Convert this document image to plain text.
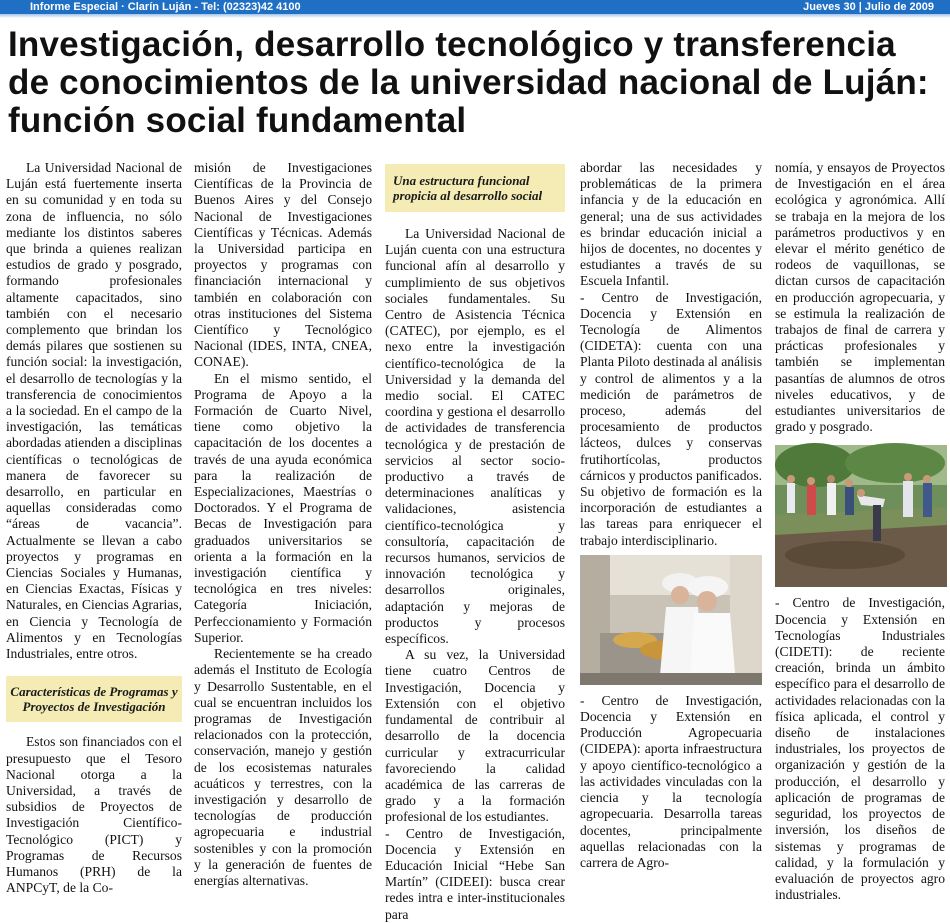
Informe Especial · Clarín Luján - Tel: (02323)42 4100	Jueves 30 | Julio de 2009
Investigación, desarrollo tecnológico y transferencia de conocimientos de la universidad nacional de Luján: función social fundamental

La Universidad Nacional de Luján está fuertemente inserta en su comunidad y en toda su zona de influencia, no sólo mediante los distintos saberes que brinda a quienes realizan estudios de grado y posgrado, formando profesionales altamente capacitados, sino también con el necesario complemento que brindan los demás pilares que sostienen su función social: la investigación, el desarrollo de tecnologías y la transferencia de conocimientos a la sociedad. En el campo de la investigación, las temáticas abordadas atienden a disciplinas científicas o tecnológicas de manera de favorecer su desarrollo, en particular en aquellas consideradas como “áreas de vacancia”. Actualmente se llevan a cabo proyectos y programas en Ciencias Sociales y Humanas, en Ciencias Exactas, Físicas y Naturales, en Ciencias Agrarias, en Ciencia y Tecnología de Alimentos y en Tecnologías Industriales, entre otros.

Características de Programas y Proyectos de Investigación

Estos son financiados con el presupuesto que el Tesoro Nacional otorga a la Universidad, a través de subsidios de Proyectos de Investigación Científico-Tecnológico (PICT) y Programas de Recursos Humanos (PRH) de la ANPCyT, de la Co-

misión de Investigaciones Científicas de la Provincia de Buenos Aires y del Consejo Nacional de Investigaciones Científicas y Técnicas. Además la Universidad participa en proyectos y programas con financiación internacional y también en colaboración con otras instituciones del Sistema Científico y Tecnológico Nacional (IDES, INTA, CNEA, CONAE).

En el mismo sentido, el Programa de Apoyo a la Formación de Cuarto Nivel, tiene como objetivo la capacitación de los docentes a través de una ayuda económica para la realización de Especializaciones, Maestrías o Doctorados. Y el Programa de Becas de Investigación para graduados universitarios se orienta a la formación en la investigación científica y tecnológica en tres niveles: Categoría Iniciación, Perfeccionamiento y Formación Superior.

Recientemente se ha creado además el Instituto de Ecología y Desarrollo Sustentable, en el cual se encuentran incluidos los programas de Investigación relacionados con la protección, conservación, manejo y gestión de los ecosistemas naturales acuáticos y terrestres, con la investigación y desarrollo de tecnologías de producción agropecuaria e industrial sostenibles y con la promoción y la generación de fuentes de energías alternativas.

Una estructura funcional propicia al desarrollo social

La Universidad Nacional de Luján cuenta con una estructura funcional afín al desarrollo y cumplimiento de sus objetivos sociales fundamentales. Su Centro de Asistencia Técnica (CATEC), por ejemplo, es el nexo entre la investigación científico-tecnológica de la Universidad y la demanda del medio social. El CATEC coordina y gestiona el desarrollo de actividades de transferencia tecnológica y de prestación de servicios al sector socio-productivo a través de determinaciones analíticas y validaciones, asistencia científico-tecnológica y consultoría, capacitación de recursos humanos, servicios de innovación tecnológica y desarrollos originales, adaptación y mejoras de productos y procesos específicos.

A su vez, la Universidad tiene cuatro Centros de Investigación, Docencia y Extensión con el objetivo fundamental de contribuir al desarrollo de la docencia curricular y extracurricular favoreciendo la calidad académica de las carreras de grado y a la formación profesional de los estudiantes.

- Centro de Investigación, Docencia y Extensión en Educación Inicial “Hebe San Martín” (CIDEEI): busca crear redes intra e inter-institucionales para

abordar las necesidades y problemáticas de la primera infancia y de la educación en general; una de sus actividades es brindar educación inicial a hijos de docentes, no docentes y estudiantes a través de su Escuela Infantil.

- Centro de Investigación, Docencia y Extensión en Tecnología de Alimentos (CIDETA): cuenta con una Planta Piloto destinada al análisis y control de alimentos y a la medición de parámetros de proceso, además del procesamiento de productos lácteos, dulces y conservas frutihortícolas, productos cárnicos y productos panificados. Su objetivo de formación es la incorporación de estudiantes a las tareas para enriquecer el trabajo interdisciplinario.

- Centro de Investigación, Docencia y Extensión en Producción Agropecuaria (CIDEPA): aporta infraestructura y apoyo científico-tecnológico a las actividades vinculadas con la ciencia y la tecnología agropecuaria. Desarrolla tareas docentes, principalmente aquellas relacionadas con la carrera de Agro-

nomía, y ensayos de Proyectos de Investigación en el área ecológica y agronómica. Allí se trabaja en la mejora de los parámetros productivos y en elevar el mérito genético de rodeos de vaquillonas, se dictan cursos de capacitación en producción agropecuaria, y se estimula la realización de trabajos de final de carrera y prácticas profesionales y también se implementan pasantías de alumnos de otros niveles educativos, y de estudiantes universitarios de grado y posgrado.

- Centro de Investigación, Docencia y Extensión en Tecnologías Industriales (CIDETI): de reciente creación, brinda un ámbito específico para el desarrollo de actividades relacionadas con la física aplicada, el control y diseño de instalaciones industriales, los proyectos de organización y gestión de la producción, el desarrollo y aplicación de programas de seguridad, los proyectos de inversión, los diseños de sistemas y programas de calidad, y la formulación y evaluación de proyectos agro industriales.
